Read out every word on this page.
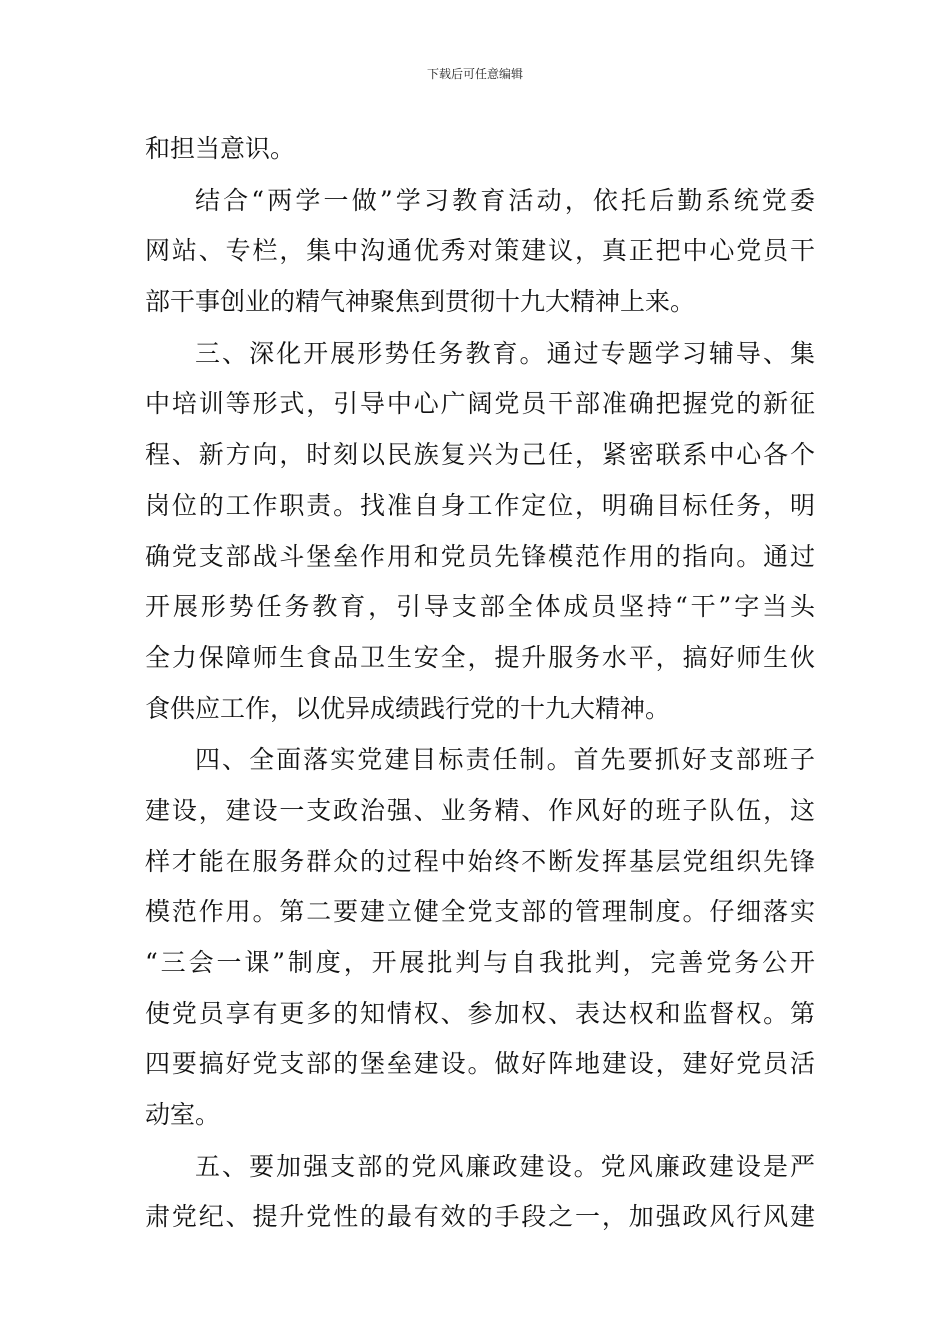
下载后可任意编辑
和担当意识。
结合“两学一做”学习教育活动，依托后勤系统党委
网站、专栏，集中沟通优秀对策建议，真正把中心党员干
部干事创业的精气神聚焦到贯彻十九大精神上来。
三、深化开展形势任务教育。通过专题学习辅导、集
中培训等形式，引导中心广阔党员干部准确把握党的新征
程、新方向，时刻以民族复兴为己任，紧密联系中心各个
岗位的工作职责。找准自身工作定位，明确目标任务，明
确党支部战斗堡垒作用和党员先锋模范作用的指向。通过
开展形势任务教育，引导支部全体成员坚持“干”字当头
全力保障师生食品卫生安全，提升服务水平，搞好师生伙
食供应工作，以优异成绩践行党的十九大精神。
四、全面落实党建目标责任制。首先要抓好支部班子
建设，建设一支政治强、业务精、作风好的班子队伍，这
样才能在服务群众的过程中始终不断发挥基层党组织先锋
模范作用。第二要建立健全党支部的管理制度。仔细落实
“三会一课”制度，开展批判与自我批判，完善党务公开
使党员享有更多的知情权、参加权、表达权和监督权。第
四要搞好党支部的堡垒建设。做好阵地建设，建好党员活
动室。
五、要加强支部的党风廉政建设。党风廉政建设是严
肃党纪、提升党性的最有效的手段之一，加强政风行风建
